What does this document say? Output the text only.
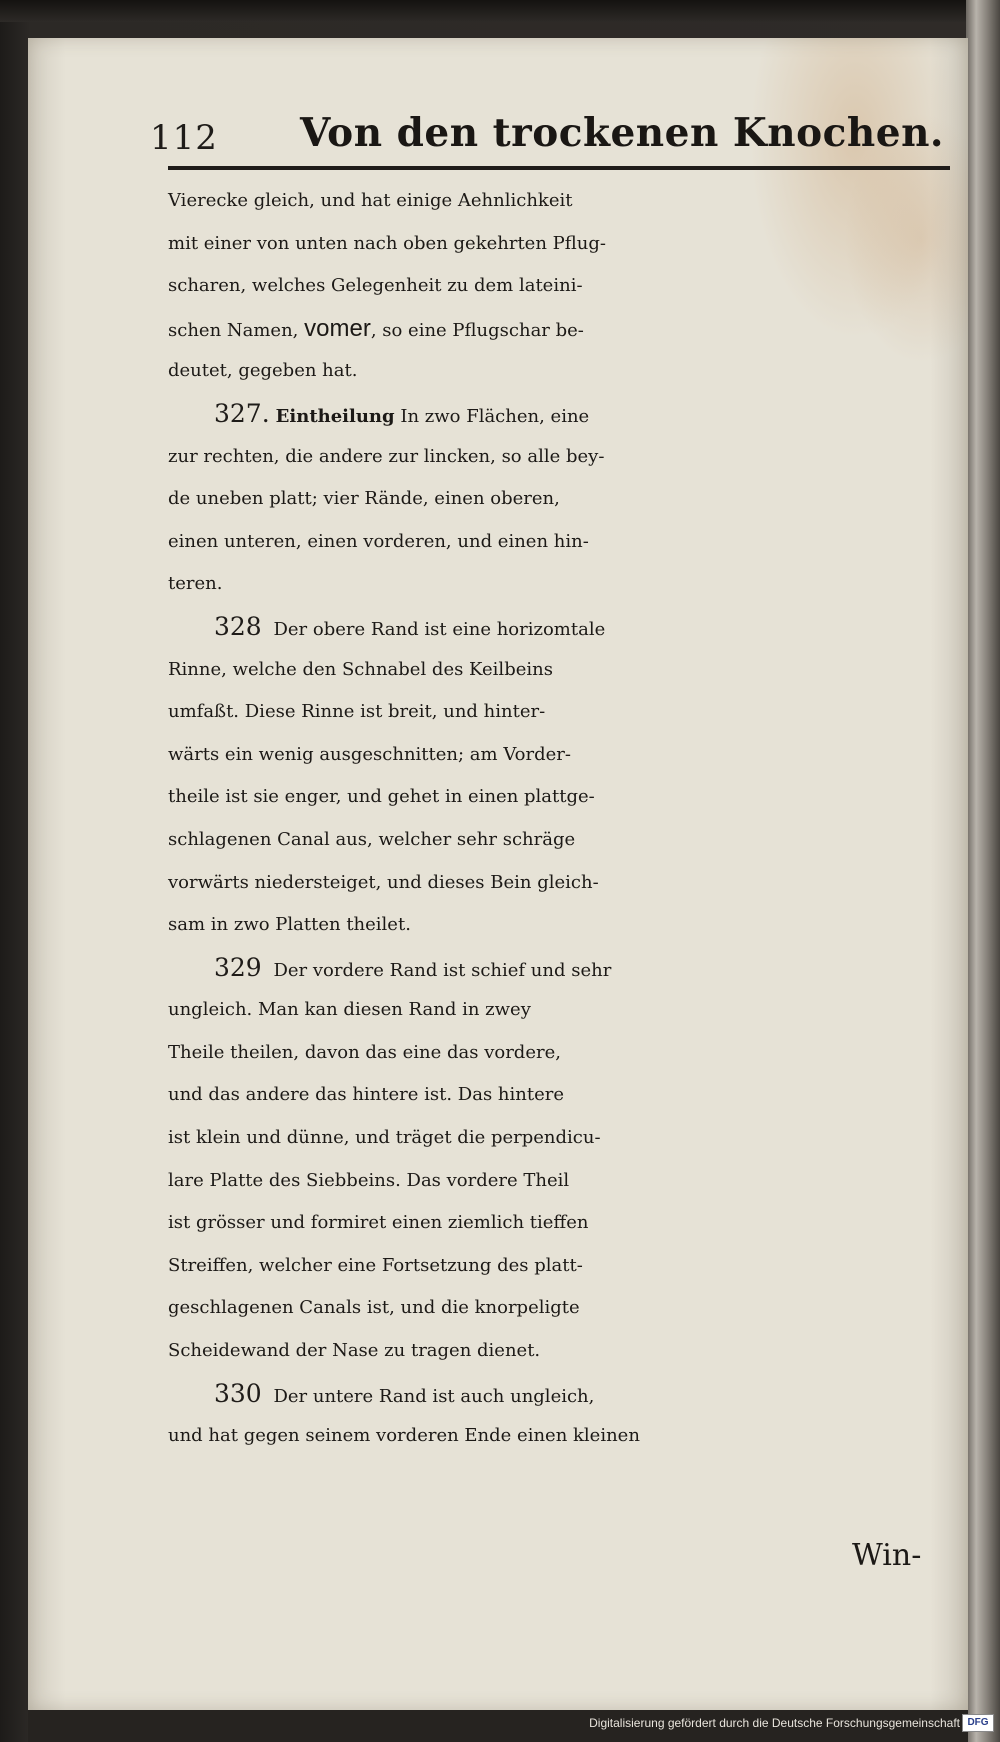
112 Von den trockenen Knochen.
Vierecke gleich, und hat einige Aehnlichkeit
mit einer von unten nach oben gekehrten Pflug-
scharen, welches Gelegenheit zu dem lateini-
schen Namen, vomer, so eine Pflugschar be-
deutet, gegeben hat.
327. Eintheilung In zwo Flächen, eine
zur rechten, die andere zur lincken, so alle bey-
de uneben platt; vier Rände, einen oberen,
einen unteren, einen vorderen, und einen hin-
teren.
328 Der obere Rand ist eine horizomtale
Rinne, welche den Schnabel des Keilbeins
umfaßt. Diese Rinne ist breit, und hinter-
wärts ein wenig ausgeschnitten; am Vorder-
theile ist sie enger, und gehet in einen plattge-
schlagenen Canal aus, welcher sehr schräge
vorwärts niedersteiget, und dieses Bein gleich-
sam in zwo Platten theilet.
329 Der vordere Rand ist schief und sehr
ungleich. Man kan diesen Rand in zwey
Theile theilen, davon das eine das vordere,
und das andere das hintere ist. Das hintere
ist klein und dünne, und träget die perpendicu-
lare Platte des Siebbeins. Das vordere Theil
ist grösser und formiret einen ziemlich tieffen
Streiffen, welcher eine Fortsetzung des platt-
geschlagenen Canals ist, und die knorpeligte
Scheidewand der Nase zu tragen dienet.
330 Der untere Rand ist auch ungleich,
und hat gegen seinem vorderen Ende einen kleinen
Win-
Digitalisierung gefördert durch die Deutsche Forschungsgemeinschaft DFG
